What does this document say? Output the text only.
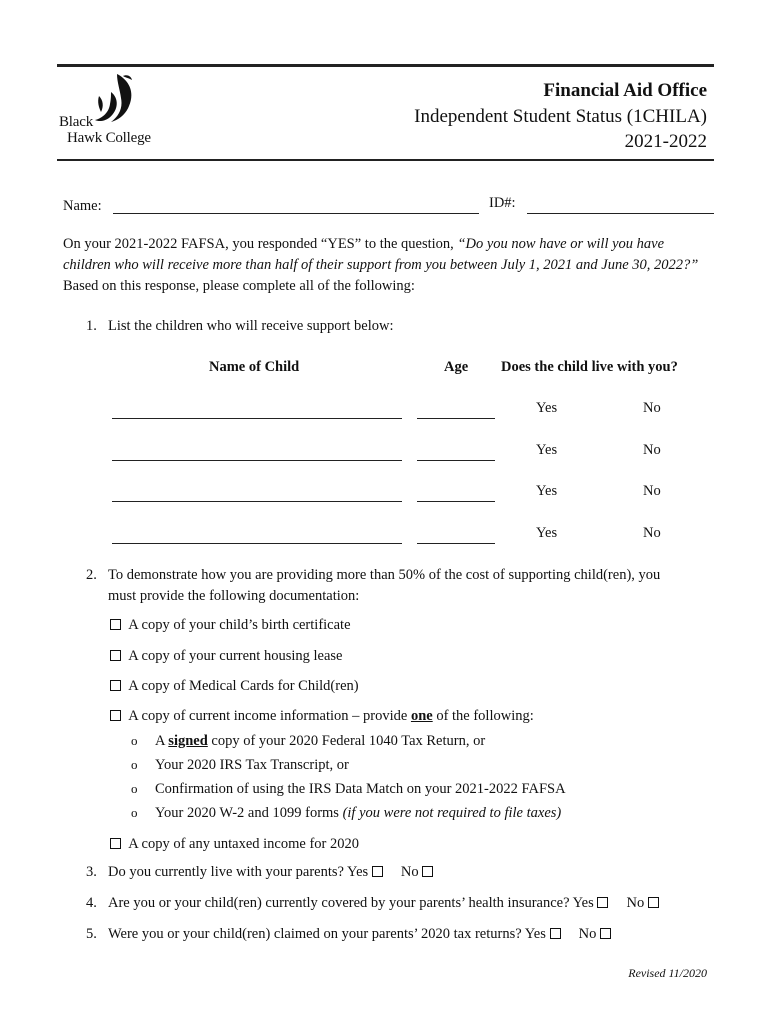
Black
Hawk College
Financial Aid Office
Independent Student Status (1CHILA)
2021-2022
Name:	ID#:
On your 2021-2022 FAFSA, you responded “YES” to the question, “Do you now have or will you have children who will receive more than half of their support from you between July 1, 2021 and June 30, 2022?” Based on this response, please complete all of the following:
1. List the children who will receive support below:
Name of Child	Age Does the child live with you?
Yes	No
Yes	No
Yes	No
Yes	No
2. To demonstrate how you are providing more than 50% of the cost of supporting child(ren), you
must provide the following documentation:
A copy of your child’s birth certificate
A copy of your current housing lease
A copy of Medical Cards for Child(ren)
A copy of current income information – provide one of the following:
o A signed copy of your 2020 Federal 1040 Tax Return, or
o Your 2020 IRS Tax Transcript, or
o Confirmation of using the IRS Data Match on your 2021-2022 FAFSA
o Your 2020 W-2 and 1099 forms (if you were not required to file taxes)
A copy of any untaxed income for 2020
3. Do you currently live with your parents? Yes No
4. Are you or your child(ren) currently covered by your parents’ health insurance? Yes No
5. Were you or your child(ren) claimed on your parents’ 2020 tax returns? Yes No
Revised 11/2020
